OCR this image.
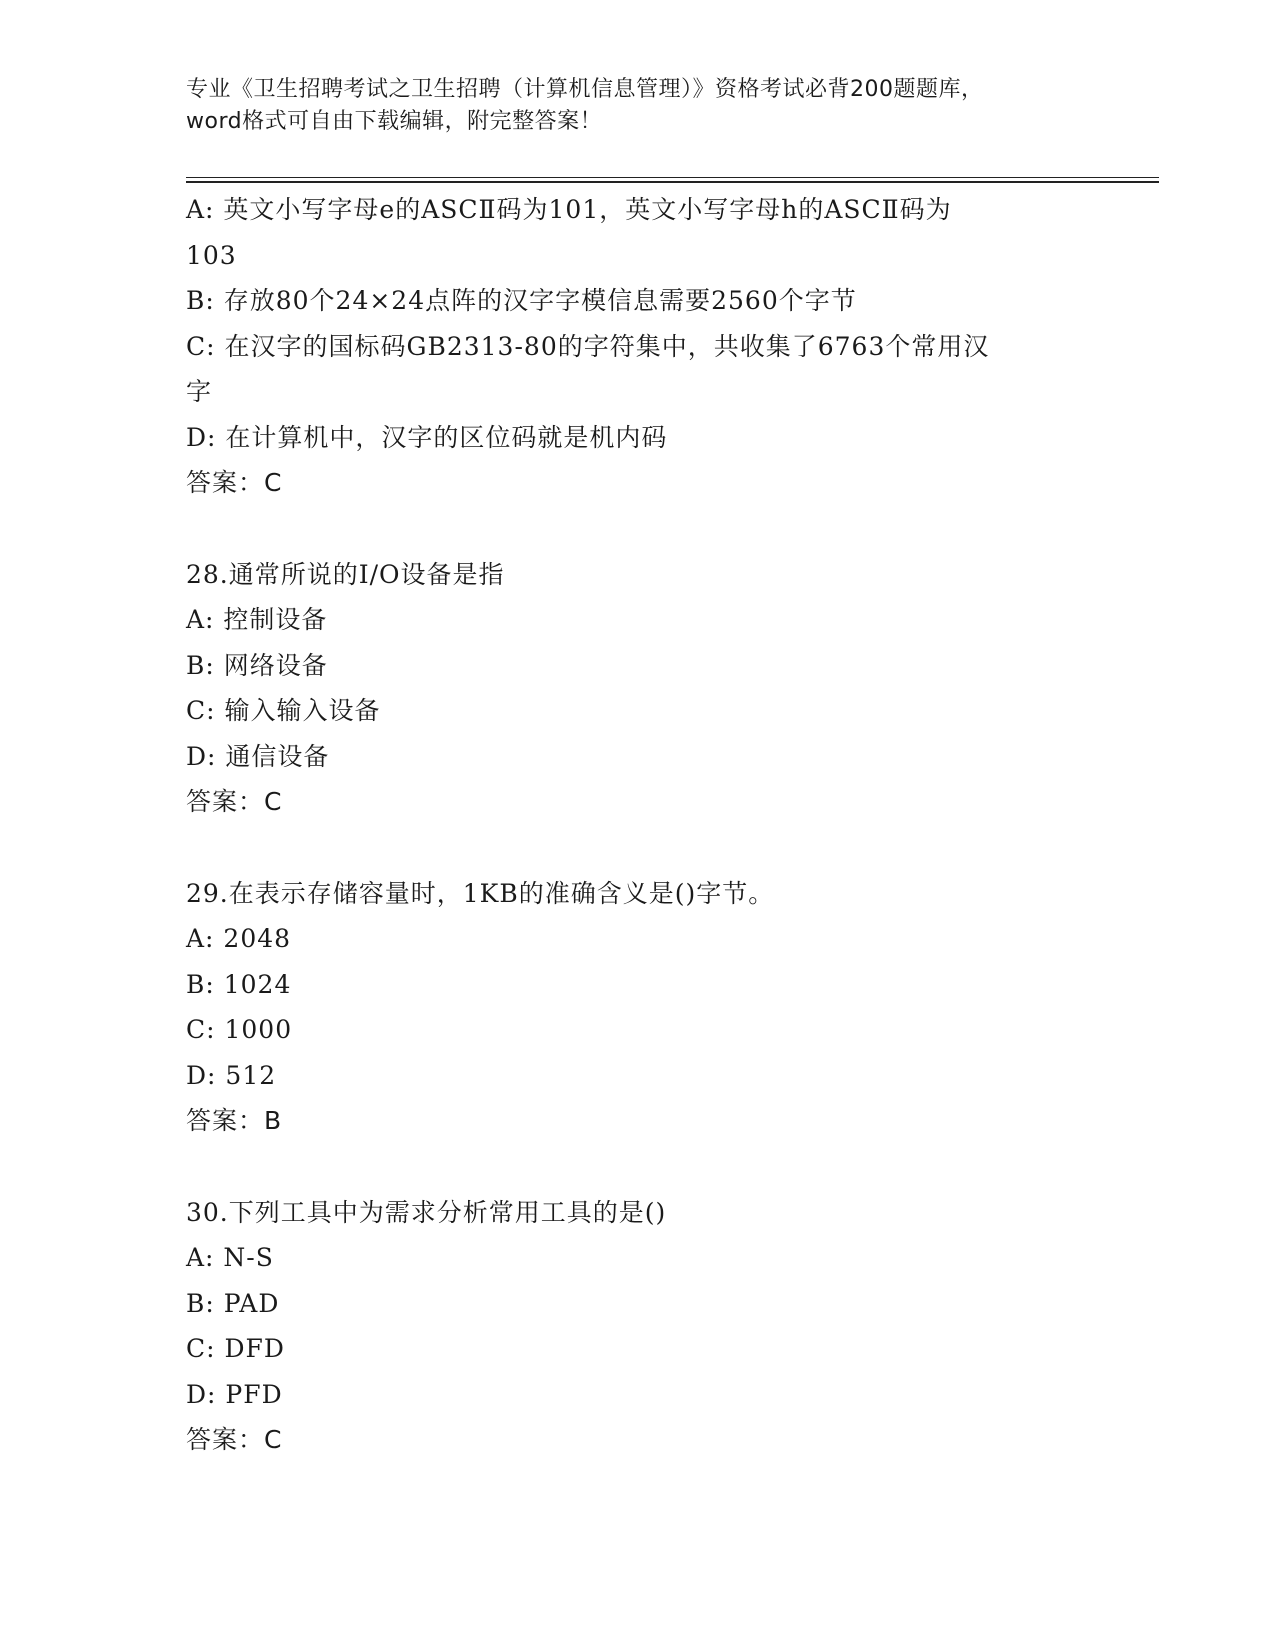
专业《卫生招聘考试之卫生招聘（计算机信息管理）》资格考试必背200题题库，
word格式可自由下载编辑，附完整答案！
A: 英文小写字母e的ASCⅡ码为101，英文小写字母h的ASCⅡ码为
103
B: 存放80个24×24点阵的汉字字模信息需要2560个字节
C: 在汉字的国标码GB2313-80的字符集中，共收集了6763个常用汉
字
D: 在计算机中，汉字的区位码就是机内码
答案：C
28.通常所说的I/O设备是指
A: 控制设备
B: 网络设备
C: 输入输入设备
D: 通信设备
答案：C
29.在表示存储容量时，1KB的准确含义是()字节。
A: 2048
B: 1024
C: 1000
D: 512
答案：B
30.下列工具中为需求分析常用工具的是()
A: N-S
B: PAD
C: DFD
D: PFD
答案：C
